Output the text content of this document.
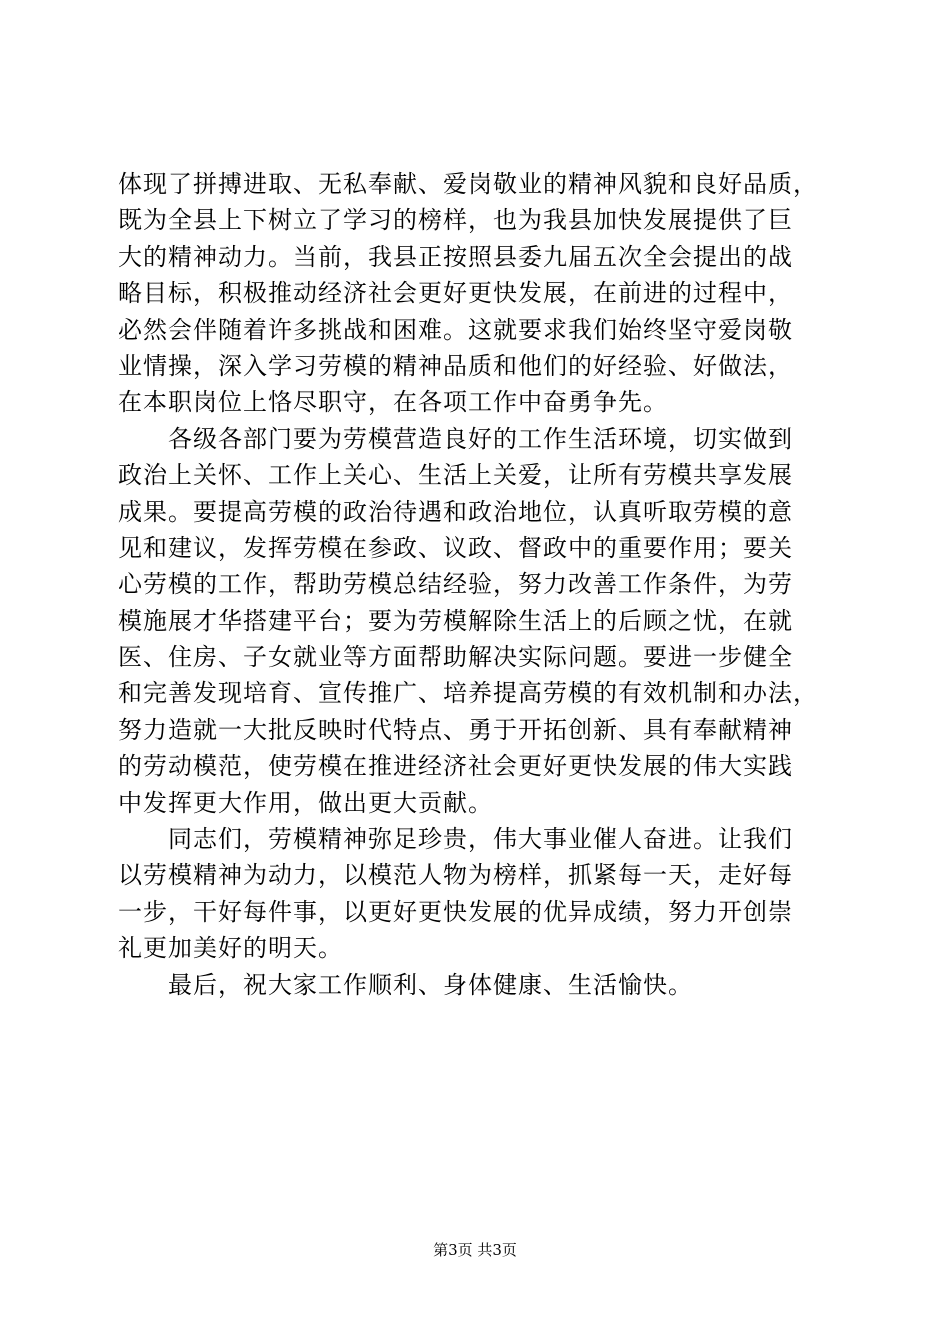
体现了拼搏进取、无私奉献、爱岗敬业的精神风貌和良好品质，
既为全县上下树立了学习的榜样，也为我县加快发展提供了巨
大的精神动力。当前，我县正按照县委九届五次全会提出的战
略目标，积极推动经济社会更好更快发展，在前进的过程中，
必然会伴随着许多挑战和困难。这就要求我们始终坚守爱岗敬
业情操，深入学习劳模的精神品质和他们的好经验、好做法，
在本职岗位上恪尽职守，在各项工作中奋勇争先。
　　各级各部门要为劳模营造良好的工作生活环境，切实做到
政治上关怀、工作上关心、生活上关爱，让所有劳模共享发展
成果。要提高劳模的政治待遇和政治地位，认真听取劳模的意
见和建议，发挥劳模在参政、议政、督政中的重要作用；要关
心劳模的工作，帮助劳模总结经验，努力改善工作条件，为劳
模施展才华搭建平台；要为劳模解除生活上的后顾之忧，在就
医、住房、子女就业等方面帮助解决实际问题。要进一步健全
和完善发现培育、宣传推广、培养提高劳模的有效机制和办法，
努力造就一大批反映时代特点、勇于开拓创新、具有奉献精神
的劳动模范，使劳模在推进经济社会更好更快发展的伟大实践
中发挥更大作用，做出更大贡献。
　　同志们，劳模精神弥足珍贵，伟大事业催人奋进。让我们
以劳模精神为动力，以模范人物为榜样，抓紧每一天，走好每
一步，干好每件事，以更好更快发展的优异成绩，努力开创崇
礼更加美好的明天。
　　最后，祝大家工作顺利、身体健康、生活愉快。
第3页 共3页
